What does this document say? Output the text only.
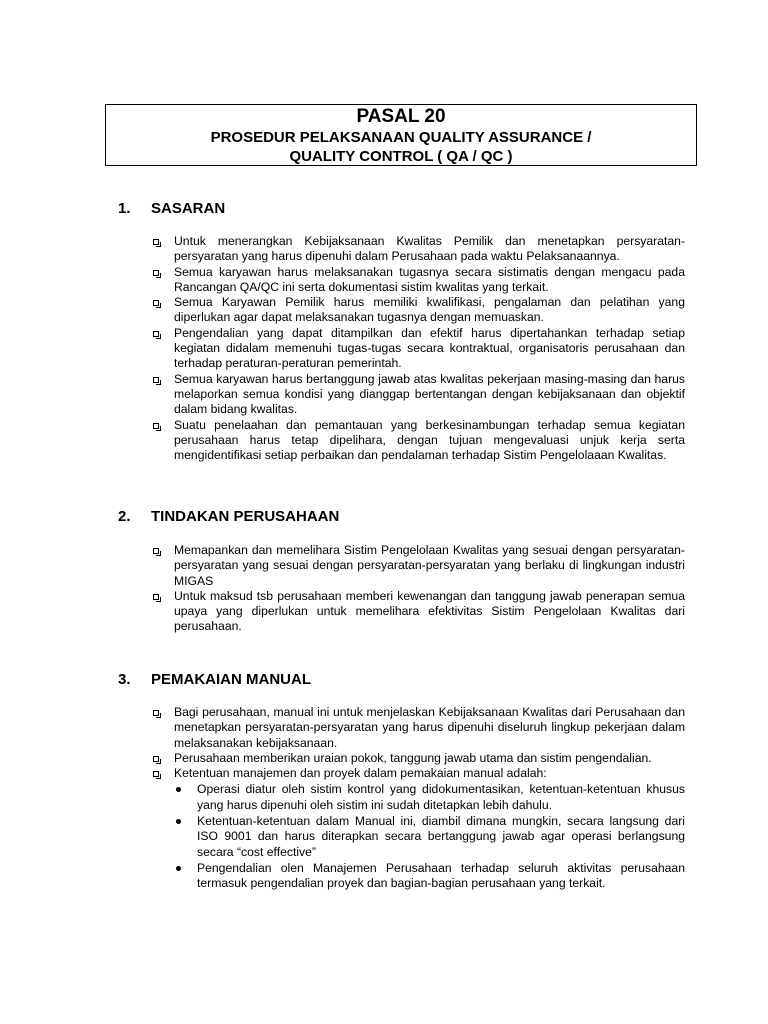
PASAL 20
PROSEDUR PELAKSANAAN QUALITY ASSURANCE /
QUALITY CONTROL ( QA / QC )
1.	SASARAN
Untuk menerangkan Kebijaksanaan Kwalitas Pemilik dan menetapkan persyaratan-persyaratan yang harus dipenuhi dalam Perusahaan pada waktu Pelaksanaannya.
Semua karyawan harus melaksanakan tugasnya secara sistimatis dengan mengacu pada Rancangan QA/QC ini serta dokumentasi sistim kwalitas yang terkait.
Semua Karyawan Pemilik harus memiliki kwalifikasi, pengalaman dan pelatihan yang diperlukan agar dapat melaksanakan tugasnya dengan memuaskan.
Pengendalian yang dapat ditampilkan dan efektif harus dipertahankan terhadap setiap kegiatan didalam memenuhi tugas-tugas secara kontraktual, organisatoris perusahaan dan terhadap peraturan-peraturan pemerintah.
Semua karyawan harus bertanggung jawab atas kwalitas pekerjaan masing-masing dan harus melaporkan semua kondisi yang dianggap bertentangan dengan kebijaksanaan dan objektif dalam bidang kwalitas.
Suatu penelaahan dan pemantauan yang berkesinambungan terhadap semua kegiatan perusahaan harus tetap dipelihara, dengan tujuan mengevaluasi unjuk kerja serta mengidentifikasi setiap perbaikan dan pendalaman terhadap Sistim Pengelolaaan Kwalitas.
2.	TINDAKAN PERUSAHAAN
Memapankan dan memelihara Sistim Pengelolaan Kwalitas yang sesuai dengan persyaratan-persyaratan yang sesuai dengan persyaratan-persyaratan yang berlaku di lingkungan industri MIGAS
Untuk maksud tsb perusahaan memberi kewenangan dan tanggung jawab penerapan semua upaya yang diperlukan untuk memelihara efektivitas Sistim Pengelolaan Kwalitas dari perusahaan.
3.	PEMAKAIAN MANUAL
Bagi perusahaan, manual ini untuk menjelaskan Kebijaksanaan Kwalitas dari Perusahaan dan menetapkan persyaratan-persyaratan yang harus dipenuhi diseluruh lingkup pekerjaan dalam melaksanakan kebijaksanaan.
Perusahaan memberikan uraian pokok, tanggung jawab utama dan sistim pengendalian.
Ketentuan manajemen dan proyek dalam pemakaian manual adalah:
Operasi diatur oleh sistim kontrol yang didokumentasikan, ketentuan-ketentuan khusus yang harus dipenuhi oleh sistim ini sudah ditetapkan lebih dahulu.
Ketentuan-ketentuan dalam Manual ini, diambil dimana mungkin, secara langsung dari ISO 9001 dan harus diterapkan secara bertanggung jawab agar operasi berlangsung secara “cost effective”
Pengendalian olen Manajemen Perusahaan terhadap seluruh aktivitas perusahaan termasuk pengendalian proyek dan bagian-bagian perusahaan yang terkait.
